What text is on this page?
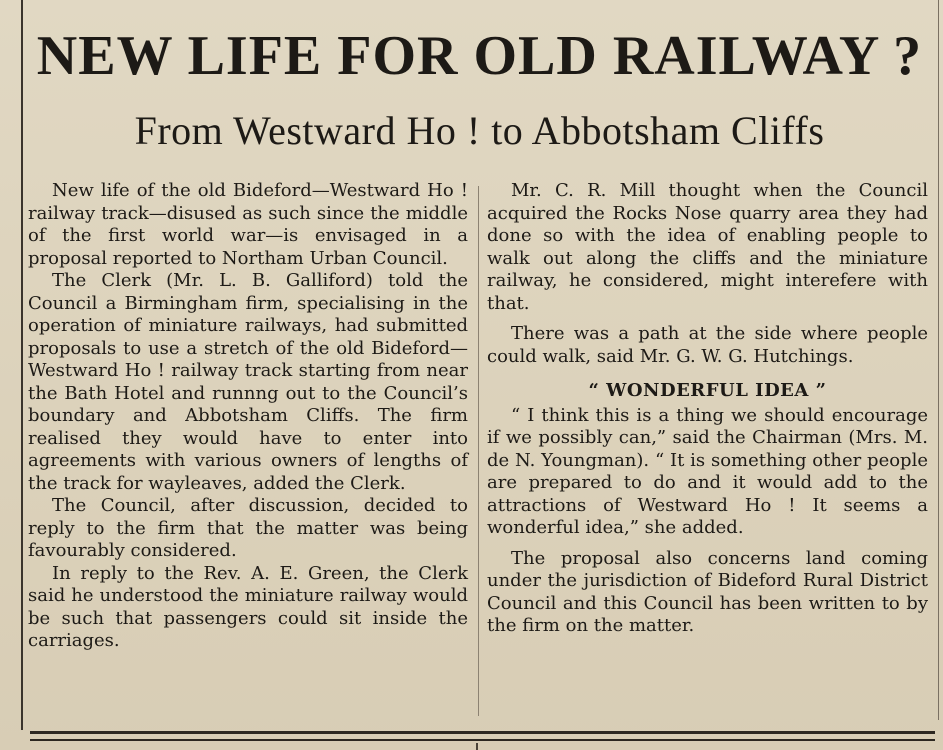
NEW LIFE FOR OLD RAILWAY ?
From Westward Ho ! to Abbotsham Cliffs

New life of the old Bideford—Westward Ho ! railway track—disused as such since the middle of the first world war—is envisaged in a proposal reported to Northam Urban Council.

The Clerk (Mr. L. B. Galliford) told the Council a Birmingham firm, specialising in the operation of miniature railways, had submitted proposals to use a stretch of the old Bideford—Westward Ho ! railway track starting from near the Bath Hotel and runnng out to the Council’s boundary and Abbotsham Cliffs. The firm realised they would have to enter into agreements with various owners of lengths of the track for wayleaves, added the Clerk.

The Council, after discussion, decided to reply to the firm that the matter was being favourably considered.

In reply to the Rev. A. E. Green, the Clerk said he understood the miniature railway would be such that passengers could sit inside the carriages.

Mr. C. R. Mill thought when the Council acquired the Rocks Nose quarry area they had done so with the idea of enabling people to walk out along the cliffs and the miniature railway, he considered, might interefere with that.

There was a path at the side where people could walk, said Mr. G. W. G. Hutchings.

“ WONDERFUL IDEA ”

“ I think this is a thing we should encourage if we possibly can,” said the Chairman (Mrs. M. de N. Youngman). “ It is something other people are prepared to do and it would add to the attractions of Westward Ho ! It seems a wonderful idea,” she added.

The proposal also concerns land coming under the jurisdiction of Bideford Rural District Council and this Council has been written to by the firm on the matter.
